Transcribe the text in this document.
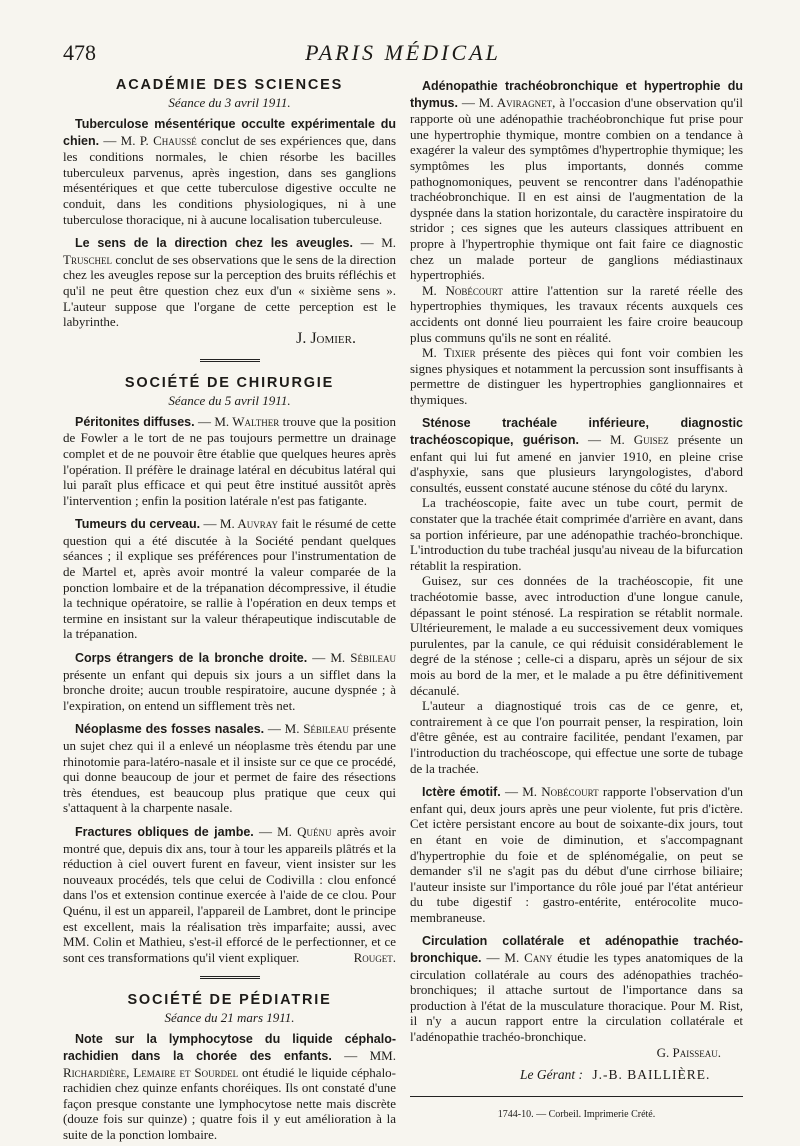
478	PARIS MÉDICAL
ACADÉMIE DES SCIENCES
Séance du 3 avril 1911.

Tuberculose mésentérique occulte expérimentale du chien. — M. P. Chaussé conclut de ses expériences que, dans les conditions normales, le chien résorbe les bacilles tuberculeux parvenus, après ingestion, dans ses ganglions mésentériques et que cette tuberculose digestive occulte ne conduit, dans les conditions physiologiques, ni à une tuberculose thoracique, ni à aucune localisation tuberculeuse.

Le sens de la direction chez les aveugles. — M. Truschel conclut de ses observations que le sens de la direction chez les aveugles repose sur la perception des bruits réfléchis et qu'il ne peut être question chez eux d'un « sixième sens ». L'auteur suppose que l'organe de cette perception est le labyrinthe.

J. Jomier.
SOCIÉTÉ DE CHIRURGIE
Séance du 5 avril 1911.

Péritonites diffuses. — M. Walther trouve que la position de Fowler a le tort de ne pas toujours permettre un drainage complet et de ne pouvoir être établie que quelques heures après l'opération. Il préfère le drainage latéral en décubitus latéral qui lui paraît plus efficace et qui peut être institué aussitôt après l'intervention ; enfin la position latérale n'est pas fatigante.

Tumeurs du cerveau. — M. Auvray fait le résumé de cette question qui a été discutée à la Société pendant quelques séances ; il explique ses préférences pour l'instrumentation de de Martel et, après avoir montré la valeur comparée de la ponction lombaire et de la trépanation décompressive, il étudie la technique opératoire, se rallie à l'opération en deux temps et termine en insistant sur la valeur thérapeutique indiscutable de la trépanation.

Corps étrangers de la bronche droite. — M. Sébileau présente un enfant qui depuis six jours a un sifflet dans la bronche droite; aucun trouble respiratoire, aucune dyspnée ; à l'expiration, on entend un sifflement très net.

Néoplasme des fosses nasales. — M. Sébileau présente un sujet chez qui il a enlevé un néoplasme très étendu par une rhinotomie para-latéro-nasale et il insiste sur ce que ce procédé, qui donne beaucoup de jour et permet de faire des résections très étendues, est beaucoup plus pratique que ceux qui s'attaquent à la charpente nasale.

Fractures obliques de jambe. — M. Quénu après avoir montré que, depuis dix ans, tour à tour les appareils plâtrés et la réduction à ciel ouvert furent en faveur, vient insister sur les nouveaux procédés, tels que celui de Codivilla : clou enfoncé dans l'os et extension continue exercée à l'aide de ce clou. Pour Quénu, il est un appareil, l'appareil de Lambret, dont le principe est excellent, mais la réalisation très imparfaite; aussi, avec MM. Colin et Mathieu, s'est-il efforcé de le perfectionner, et ce sont ces transformations qu'il vient expliquer.	Rouget.

SOCIÉTÉ DE PÉDIATRIE
Séance du 21 mars 1911.

Note sur la lymphocytose du liquide céphalo-rachidien dans la chorée des enfants. — MM. Richardière, Lemaire et Sourdel ont étudié le liquide céphalo-rachidien chez quinze enfants choréiques. Ils ont constaté d'une façon presque constante une lymphocytose nette mais discrète (douze fois sur quinze) ; quatre fois il y eut amélioration à la suite de la ponction lombaire.

Adénopathie trachéobronchique et hypertrophie du thymus. — M. Aviragnet, à l'occasion d'une observation qu'il rapporte où une adénopathie trachéobronchique fut prise pour une hypertrophie thymique, montre combien on a tendance à exagérer la valeur des symptômes d'hypertrophie thymique; les symptômes les plus importants, donnés comme pathognomoniques, peuvent se rencontrer dans l'adénopathie trachéobronchique. Il en est ainsi de l'augmentation de la dyspnée dans la station horizontale, du caractère inspiratoire du stridor ; ces signes que les auteurs classiques attribuent en propre à l'hypertrophie thymique ont fait faire ce diagnostic chez un malade porteur de ganglions médiastinaux hypertrophiés.

M. Nobécourt attire l'attention sur la rareté réelle des hypertrophies thymiques, les travaux récents auxquels ces accidents ont donné lieu pourraient les faire croire beaucoup plus communs qu'ils ne sont en réalité.

M. Tixier présente des pièces qui font voir combien les signes physiques et notamment la percussion sont insuffisants à permettre de distinguer les hypertrophies ganglionnaires et thymiques.

Sténose trachéale inférieure, diagnostic trachéoscopique, guérison. — M. Guisez présente un enfant qui lui fut amené en janvier 1910, en pleine crise d'asphyxie, sans que plusieurs laryngologistes, d'abord consultés, eussent constaté aucune sténose du côté du larynx.

La trachéoscopie, faite avec un tube court, permit de constater que la trachée était comprimée d'arrière en avant, dans sa portion inférieure, par une adénopathie trachéo-bronchique. L'introduction du tube trachéal jusqu'au niveau de la bifurcation rétablit la respiration.

Guisez, sur ces données de la trachéoscopie, fit une trachéotomie basse, avec introduction d'une longue canule, dépassant le point sténosé. La respiration se rétablit normale. Ultérieurement, le malade a eu successivement deux vomiques purulentes, par la canule, ce qui réduisit considérablement le degré de la sténose ; celle-ci a disparu, après un séjour de six mois au bord de la mer, et le malade a pu être définitivement décanulé.

L'auteur a diagnostiqué trois cas de ce genre, et, contrairement à ce que l'on pourrait penser, la respiration, loin d'être gênée, est au contraire facilitée, pendant l'examen, par l'introduction du trachéoscope, qui effectue une sorte de tubage de la trachée.

Ictère émotif. — M. Nobécourt rapporte l'observation d'un enfant qui, deux jours après une peur violente, fut pris d'ictère. Cet ictère persistant encore au bout de soixante-dix jours, tout en étant en voie de diminution, et s'accompagnant d'hypertrophie du foie et de splénomégalie, on peut se demander s'il ne s'agit pas du début d'une cirrhose biliaire; l'auteur insiste sur l'importance du rôle joué par l'état antérieur du tube digestif : gastro-entérite, entérocolite muco-membraneuse.

Circulation collatérale et adénopathie trachéo-bronchique. — M. Cany étudie les types anatomiques de la circulation collatérale au cours des adénopathies trachéo-bronchiques; il attache surtout de l'importance dans sa production à l'état de la musculature thoracique. Pour M. Rist, il n'y a aucun rapport entre la circulation collatérale et l'adénopathie trachéo-bronchique.

G. Paisseau.
Le Gérant : J.-B. BAILLIÈRE.
1744-10. — Corbeil. Imprimerie Crété.
